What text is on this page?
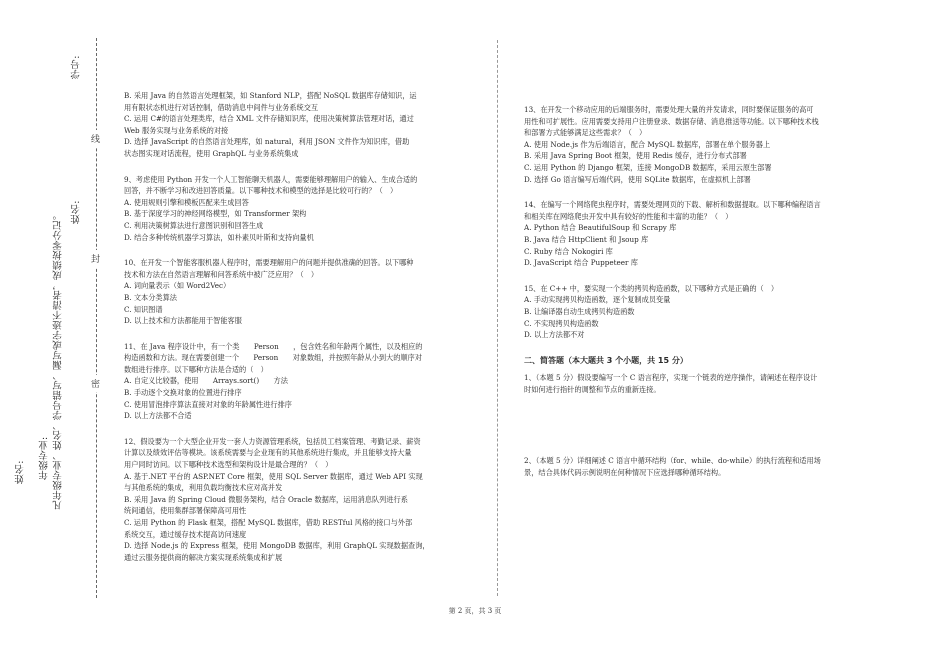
姓名: 年级专业: 凡年级专业、姓名、学号错写、漏写或字迹不清者，成绩按零分记。
学号:
姓名:
线
封
密

B. 采用 Java 的自然语言处理框架，如 Stanford NLP，搭配 NoSQL 数据库存储知识，运

用有限状态机进行对话控制，借助消息中间件与业务系统交互

C. 运用 C#的语言处理类库，结合 XML 文件存储知识库，使用决策树算法管理对话，通过

Web 服务实现与业务系统的对接

D. 选择 JavaScript 的自然语言处理库，如 natural，利用 JSON 文件作为知识库，借助

状态图实现对话流程，使用 GraphQL 与业务系统集成

9、考虑使用 Python 开发一个人工智能聊天机器人，需要能够理解用户的输入、生成合适的

回答，并不断学习和改进回答质量。以下哪种技术和模型的选择是比较可行的？（　）

A. 使用规则引擎和模板匹配来生成回答

B. 基于深度学习的神经网络模型，如 Transformer 架构

C. 利用决策树算法进行意图识别和回答生成

D. 结合多种传统机器学习算法，如朴素贝叶斯和支持向量机

10、在开发一个智能客服机器人程序时，需要理解用户的问题并提供准确的回答。以下哪种

技术和方法在自然语言理解和问答系统中被广泛应用？（　）

A. 词向量表示（如 Word2Vec）

B. 文本分类算法

C. 知识图谱

D. 以上技术和方法都能用于智能客服

11、在 Java 程序设计中，有一个类　　Person　　，包含姓名和年龄两个属性，以及相应的

构造函数和方法。现在需要创建一个　　Person　　对象数组，并按照年龄从小到大的顺序对

数组进行排序。以下哪种方法是合适的（　）

A. 自定义比较器，使用　　Arrays.sort()　　方法

B. 手动逐个交换对象的位置进行排序

C. 使用冒泡排序算法直接对对象的年龄属性进行排序

D. 以上方法都不合适

12、假设要为一个大型企业开发一套人力资源管理系统，包括员工档案管理、考勤记录、薪资

计算以及绩效评估等模块。该系统需要与企业现有的其他系统进行集成，并且能够支持大量

用户同时访问。以下哪种技术选型和架构设计是最合理的？（　）

A. 基于.NET 平台的 ASP.NET Core 框架，使用 SQL Server 数据库，通过 Web API 实现

与其他系统的集成，利用负载均衡技术应对高并发

B. 采用 Java 的 Spring Cloud 微服务架构，结合 Oracle 数据库，运用消息队列进行系

统间通信，使用集群部署保障高可用性

C. 运用 Python 的 Flask 框架，搭配 MySQL 数据库，借助 RESTful 风格的接口与外部

系统交互，通过缓存技术提高访问速度

D. 选择 Node.js 的 Express 框架，使用 MongoDB 数据库，利用 GraphQL 实现数据查询，

通过云服务提供商的解决方案实现系统集成和扩展

13、在开发一个移动应用的后端服务时，需要处理大量的并发请求，同时要保证服务的高可

用性和可扩展性。应用需要支持用户注册登录、数据存储、消息推送等功能。以下哪种技术栈

和部署方式能够满足这些需求？（　）

A. 使用 Node.js 作为后端语言，配合 MySQL 数据库，部署在单个服务器上

B. 采用 Java Spring Boot 框架，使用 Redis 缓存，进行分布式部署

C. 运用 Python 的 Django 框架，连接 MongoDB 数据库，采用云原生部署

D. 选择 Go 语言编写后端代码，使用 SQLite 数据库，在虚拟机上部署

14、在编写一个网络爬虫程序时，需要处理网页的下载、解析和数据提取。以下哪种编程语言

和相关库在网络爬虫开发中具有较好的性能和丰富的功能？（　）

A. Python 结合 BeautifulSoup 和 Scrapy 库

B. Java 结合 HttpClient 和 Jsoup 库

C. Ruby 结合 Nokogiri 库

D. JavaScript 结合 Puppeteer 库

15、在 C++ 中，要实现一个类的拷贝构造函数，以下哪种方式是正确的（　）

A. 手动实现拷贝构造函数，逐个复制成员变量

B. 让编译器自动生成拷贝构造函数

C. 不实现拷贝构造函数

D. 以上方法都不对

二、简答题（本大题共 3 个小题，共 15 分）

1、（本题 5 分）假设要编写一个 C 语言程序，实现一个链表的逆序操作，请阐述在程序设计

时如何进行指针的调整和节点的重新连接。

2、（本题 5 分）详细阐述 C 语言中循环结构（for、while、do-while）的执行流程和适用场

景，结合具体代码示例说明在何种情况下应选择哪种循环结构。

第 2 页，共 3 页
